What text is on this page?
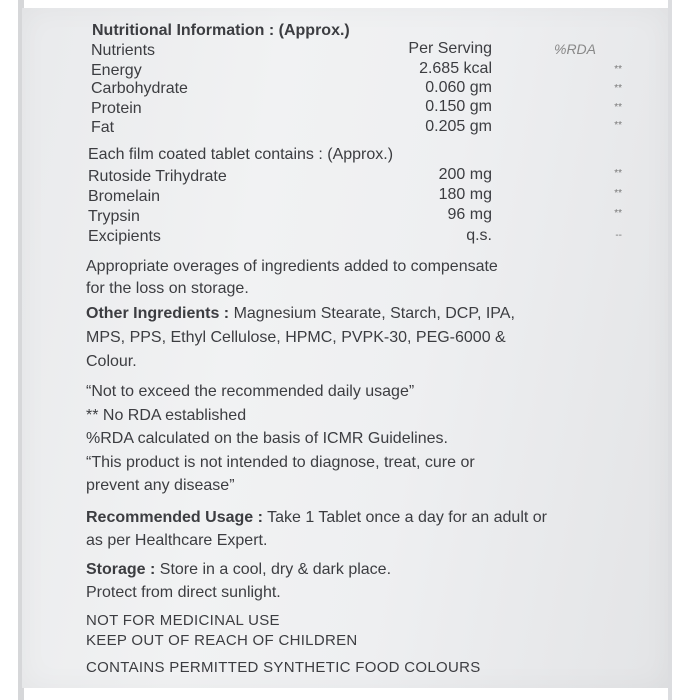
Nutritional Information : (Approx.)
Nutrients	Per Serving	%RDA
Energy	2.685 kcal	**
Carbohydrate	0.060 gm	**
Protein	0.150 gm	**
Fat	0.205 gm	**
Each film coated tablet contains : (Approx.)
Rutoside Trihydrate	200 mg	**
Bromelain	180 mg	**
Trypsin	96 mg	**
Excipients	q.s.	--
Appropriate overages of ingredients added to compensate
for the loss on storage.
Other Ingredients : Magnesium Stearate, Starch, DCP, IPA,
MPS, PPS, Ethyl Cellulose, HPMC, PVPK-30, PEG-6000 &
Colour.
“Not to exceed the recommended daily usage”
** No RDA established
%RDA calculated on the basis of ICMR Guidelines.
“This product is not intended to diagnose, treat, cure or
prevent any disease”
Recommended Usage : Take 1 Tablet once a day for an adult or
as per Healthcare Expert.
Storage : Store in a cool, dry & dark place.
Protect from direct sunlight.
NOT FOR MEDICINAL USE
KEEP OUT OF REACH OF CHILDREN
CONTAINS PERMITTED SYNTHETIC FOOD COLOURS
